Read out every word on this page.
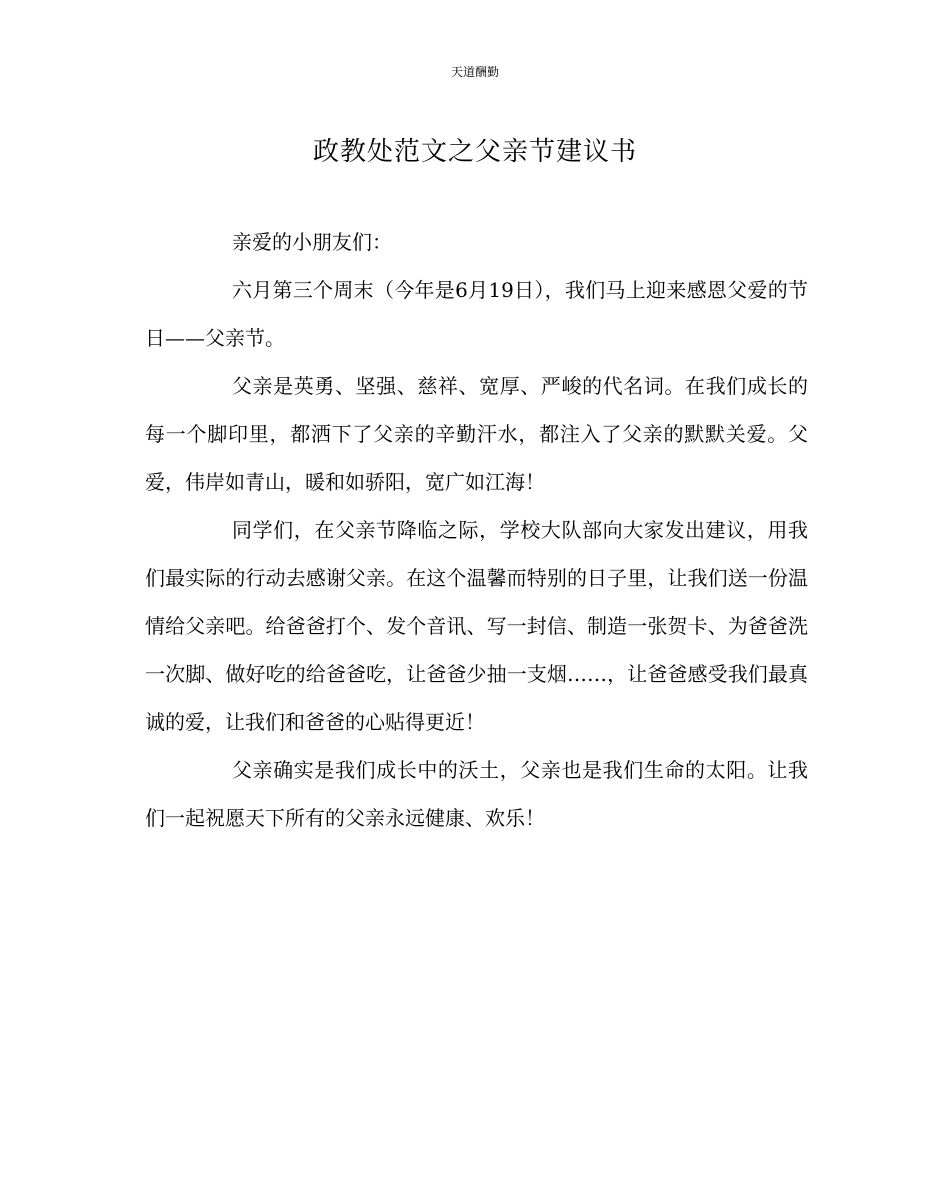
天道酬勤
政教处范文之父亲节建议书

亲爱的小朋友们：

六月第三个周末（今年是6月19日），我们马上迎来感恩父爱的节日——父亲节。

父亲是英勇、坚强、慈祥、宽厚、严峻的代名词。在我们成长的每一个脚印里，都洒下了父亲的辛勤汗水，都注入了父亲的默默关爱。父爱，伟岸如青山，暖和如骄阳，宽广如江海！

同学们，在父亲节降临之际，学校大队部向大家发出建议，用我们最实际的行动去感谢父亲。在这个温馨而特别的日子里，让我们送一份温情给父亲吧。给爸爸打个、发个音讯、写一封信、制造一张贺卡、为爸爸洗一次脚、做好吃的给爸爸吃，让爸爸少抽一支烟……，让爸爸感受我们最真诚的爱，让我们和爸爸的心贴得更近！

父亲确实是我们成长中的沃土，父亲也是我们生命的太阳。让我们一起祝愿天下所有的父亲永远健康、欢乐！
